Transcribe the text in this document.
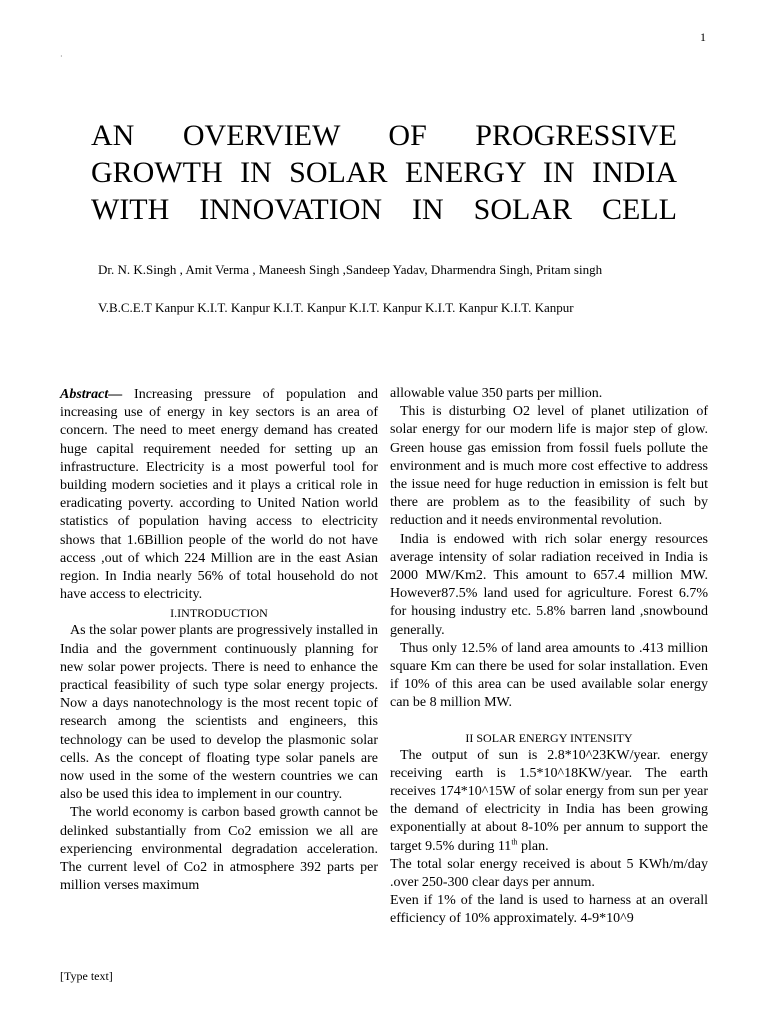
1
·
AN OVERVIEW OF PROGRESSIVE
GROWTH IN SOLAR ENERGY IN INDIA
WITH INNOVATION IN SOLAR CELL
Dr. N. K.Singh , Amit Verma , Maneesh Singh ,Sandeep Yadav, Dharmendra Singh, Pritam singh
V.B.C.E.T Kanpur K.I.T. Kanpur K.I.T. Kanpur K.I.T. Kanpur K.I.T. Kanpur K.I.T. Kanpur

Abstract— Increasing pressure of population and increasing use of energy in key sectors is an area of concern. The need to meet energy demand has created huge capital requirement needed for setting up an infrastructure. Electricity is a most powerful tool for building modern societies and it plays a critical role in eradicating poverty. according to United Nation world statistics of population having access to electricity shows that 1.6Billion people of the world do not have access ,out of which 224 Million are in the east Asian region. In India nearly 56% of total household do not have access to electricity.

I.INTRODUCTION

As the solar power plants are progressively installed in India and the government continuously planning for new solar power projects. There is need to enhance the practical feasibility of such type solar energy projects. Now a days nanotechnology is the most recent topic of research among the scientists and engineers, this technology can be used to develop the plasmonic solar cells. As the concept of floating type solar panels are now used in the some of the western countries we can also be used this idea to implement in our country.

The world economy is carbon based growth cannot be delinked substantially from Co2 emission we all are experiencing environmental degradation acceleration. The current level of Co2 in atmosphere 392 parts per million verses maximum

allowable value 350 parts per million.

This is disturbing O2 level of planet utilization of solar energy for our modern life is major step of glow. Green house gas emission from fossil fuels pollute the environment and is much more cost effective to address the issue need for huge reduction in emission is felt but there are problem as to the feasibility of such by reduction and it needs environmental revolution.

India is endowed with rich solar energy resources average intensity of solar radiation received in India is 2000 MW/Km2. This amount to 657.4 million MW. However87.5% land used for agriculture. Forest 6.7% for housing industry etc. 5.8% barren land ,snowbound generally.

Thus only 12.5% of land area amounts to .413 million square Km can there be used for solar installation. Even if 10% of this area can be used available solar energy can be 8 million MW.

II SOLAR ENERGY INTENSITY

The output of sun is 2.8*10^23KW/year. energy receiving earth is 1.5*10^18KW/year. The earth receives 174*10^15W of solar energy from sun per year the demand of electricity in India has been growing exponentially at about 8-10% per annum to support the target 9.5% during 11th plan.

The total solar energy received is about 5 KWh/m/day .over 250-300 clear days per annum.

Even if 1% of the land is used to harness at an overall efficiency of 10% approximately. 4-9*10^9

[Type text]
